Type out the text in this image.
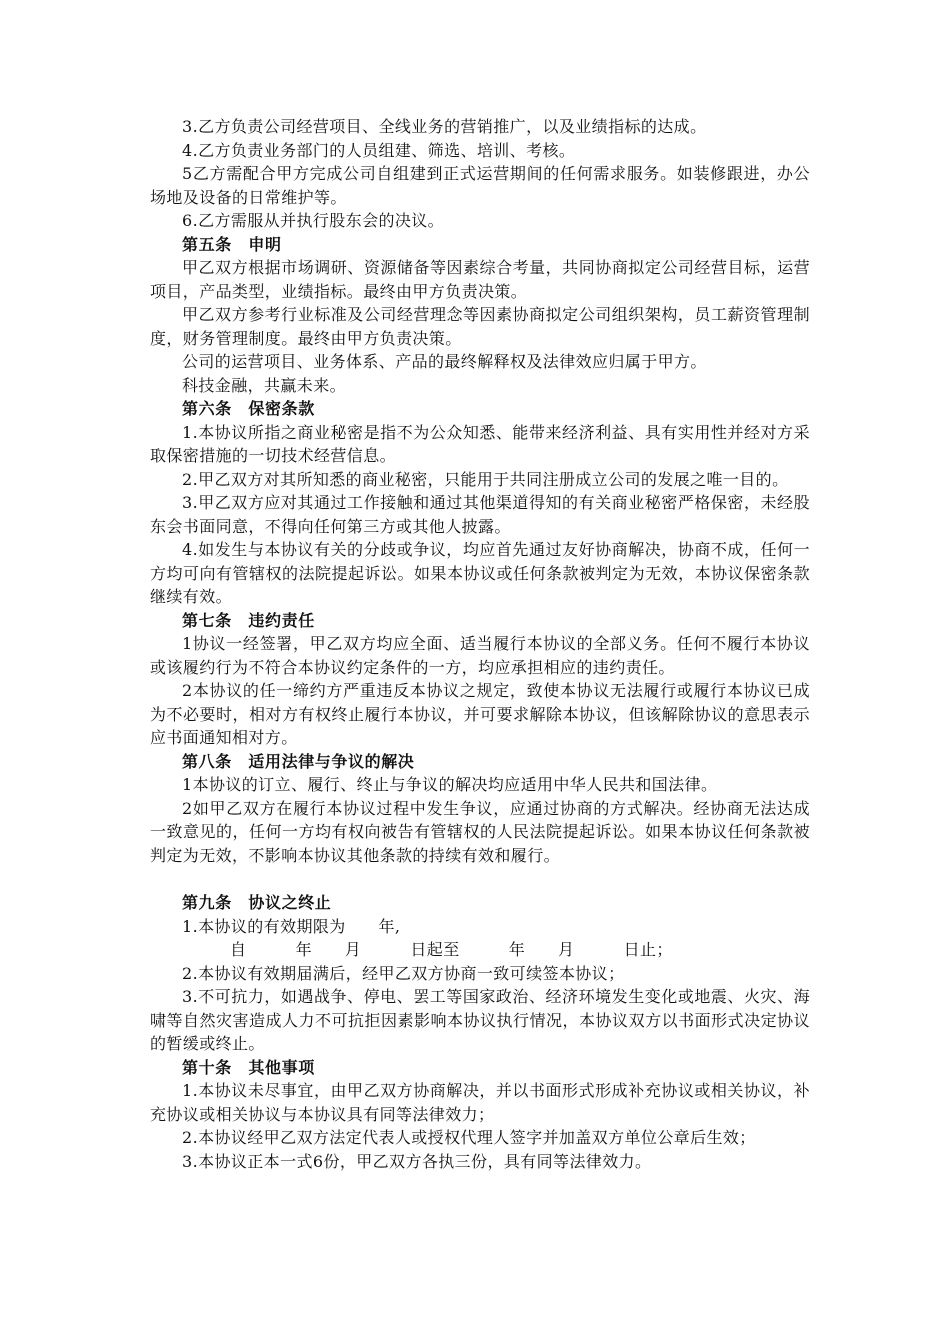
3.乙方负责公司经营项目、全线业务的营销推广，以及业绩指标的达成。

4.乙方负责业务部门的人员组建、筛选、培训、考核。

5乙方需配合甲方完成公司自组建到正式运营期间的任何需求服务。如装修跟进，办公场地及设备的日常维护等。

6.乙方需服从并执行股东会的决议。

第五条　申明

甲乙双方根据市场调研、资源储备等因素综合考量，共同协商拟定公司经营目标，运营项目，产品类型，业绩指标。最终由甲方负责决策。

甲乙双方参考行业标准及公司经营理念等因素协商拟定公司组织架构，员工薪资管理制度，财务管理制度。最终由甲方负责决策。

公司的运营项目、业务体系、产品的最终解释权及法律效应归属于甲方。

科技金融，共赢未来。

第六条　保密条款

1.本协议所指之商业秘密是指不为公众知悉、能带来经济利益、具有实用性并经对方采取保密措施的一切技术经营信息。

2.甲乙双方对其所知悉的商业秘密，只能用于共同注册成立公司的发展之唯一目的。

3.甲乙双方应对其通过工作接触和通过其他渠道得知的有关商业秘密严格保密，未经股东会书面同意，不得向任何第三方或其他人披露。

4.如发生与本协议有关的分歧或争议，均应首先通过友好协商解决，协商不成，任何一方均可向有管辖权的法院提起诉讼。如果本协议或任何条款被判定为无效，本协议保密条款继续有效。

第七条　违约责任

1协议一经签署，甲乙双方均应全面、适当履行本协议的全部义务。任何不履行本协议或该履约行为不符合本协议约定条件的一方，均应承担相应的违约责任。

2本协议的任一缔约方严重违反本协议之规定，致使本协议无法履行或履行本协议已成为不必要时，相对方有权终止履行本协议，并可要求解除本协议，但该解除协议的意思表示应书面通知相对方。

第八条　适用法律与争议的解决

1本协议的订立、履行、终止与争议的解决均应适用中华人民共和国法律。

2如甲乙双方在履行本协议过程中发生争议，应通过协商的方式解决。经协商无法达成一致意见的，任何一方均有权向被告有管辖权的人民法院提起诉讼。如果本协议任何条款被判定为无效，不影响本协议其他条款的持续有效和履行。

第九条　协议之终止

1.本协议的有效期限为　　年,

自　　　年　　月　　　日起至　　　年　　月　　　日止；

2.本协议有效期届满后，经甲乙双方协商一致可续签本协议；

3.不可抗力，如遇战争、停电、罢工等国家政治、经济环境发生变化或地震、火灾、海啸等自然灾害造成人力不可抗拒因素影响本协议执行情况，本协议双方以书面形式决定协议的暂缓或终止。

第十条　其他事项

1.本协议未尽事宜，由甲乙双方协商解决，并以书面形式形成补充协议或相关协议，补充协议或相关协议与本协议具有同等法律效力；

2.本协议经甲乙双方法定代表人或授权代理人签字并加盖双方单位公章后生效；

3.本协议正本一式6份，甲乙双方各执三份，具有同等法律效力。
